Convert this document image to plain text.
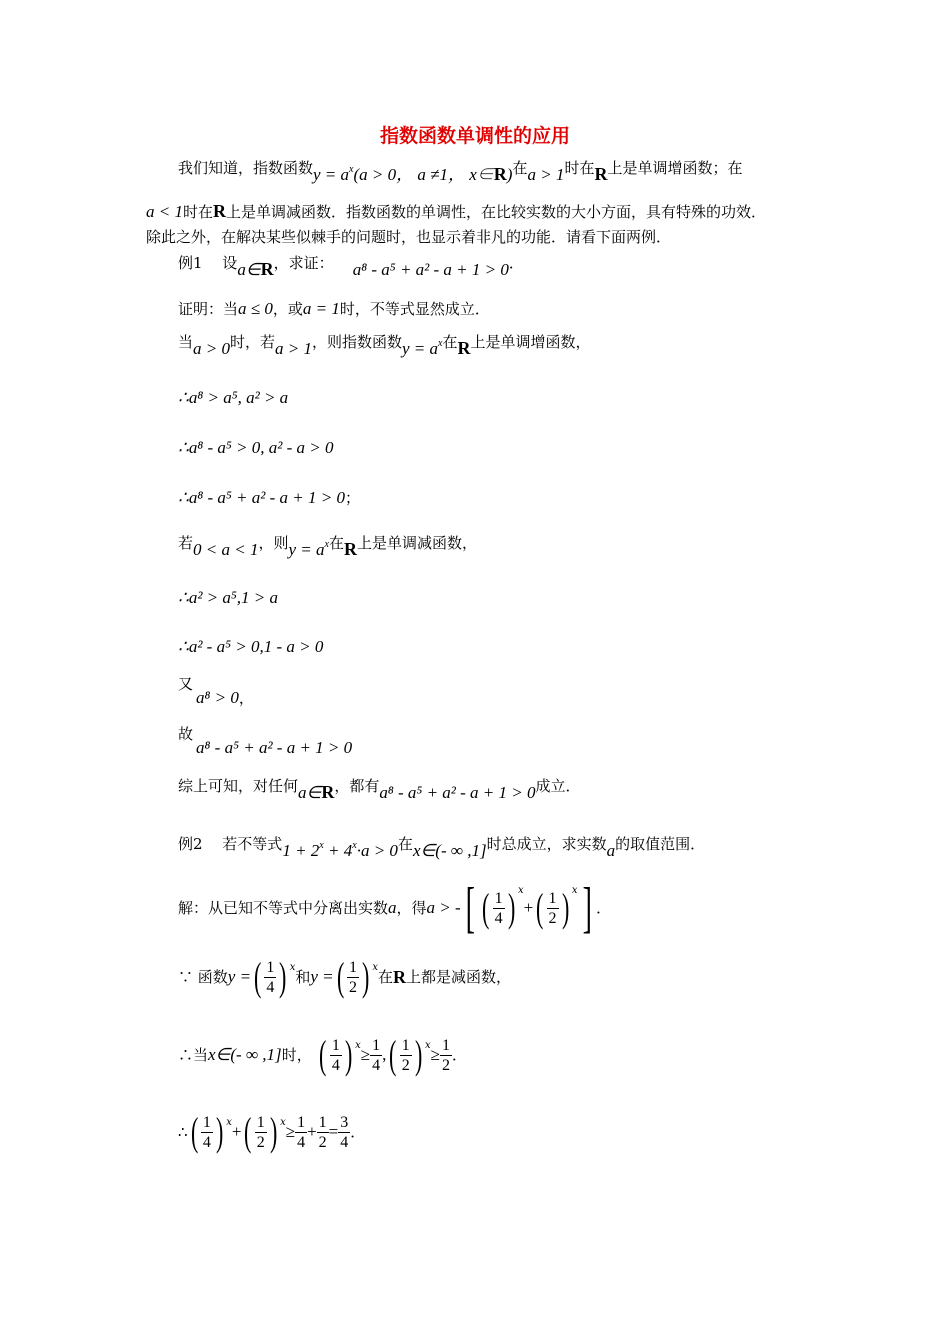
指数函数单调性的应用
我们知道，指数函数$y = a^x(a > 0$， a ≠1， x∈R)在a > 1时在R上是单调增函数；在
a < 1时在R上是单调减函数．指数函数的单调性，在比较实数的大小方面，具有特殊的功效．
除此之外，在解决某些似棘手的问题时，也显示着非凡的功能．请看下面两例．
例1　 设a∈R，求证： a⁸ - a⁵ + a² - a + 1 > 0．
证明：当a ≤ 0，或a = 1时，不等式显然成立．
当a > 0时，若a > 1，则指数函数$y = a^x$在R上是单调增函数，
∴a⁸ > a⁵, a² > a
∴a⁸ - a⁵ > 0, a² - a > 0
∴a⁸ - a⁵ + a² - a + 1 > 0；
若0 < a < 1，则$y = a^x$在R上是单调减函数，
∴a² > a⁵,1 > a
∴a² - a⁵ > 0,1 - a > 0
又
a⁸ > 0，
故
a⁸ - a⁵ + a² - a + 1 > 0
综上可知，对任何a∈R，都有a⁸ - a⁵ + a² - a + 1 > 0成立．
例2　 若不等式$1 + 2^x + 4^x\cdot a > 0$在x∈(- ∞ ,1]时总成立，求实数a的取值范围．
解：从已知不等式中分离出实数 a ，得 a > - [ ( $\frac{1}{4}$ ) $^x$
+ ( $\frac{1}{2}$ ) $^x$ ] ．
∵ 函数 y = ( $\frac{1}{4}$ ) $^x$
和 y = ( $\frac{1}{2}$ ) $^x$
在 R 上都是减函数，
∴当 x∈(- ∞ ,1] 时，
( $\frac{1}{4}$ ) $^x \ge \frac{1}{4}$ , ( $\frac{1}{2}$ ) $^x \ge \frac{1}{2}$ ．
∴ ( $\frac{1}{4}$ ) $^x$ + ( $\frac{1}{2}$ ) $^x \ge \frac{1}{4} + \frac{1}{2} = \frac{3}{4}$ ．
